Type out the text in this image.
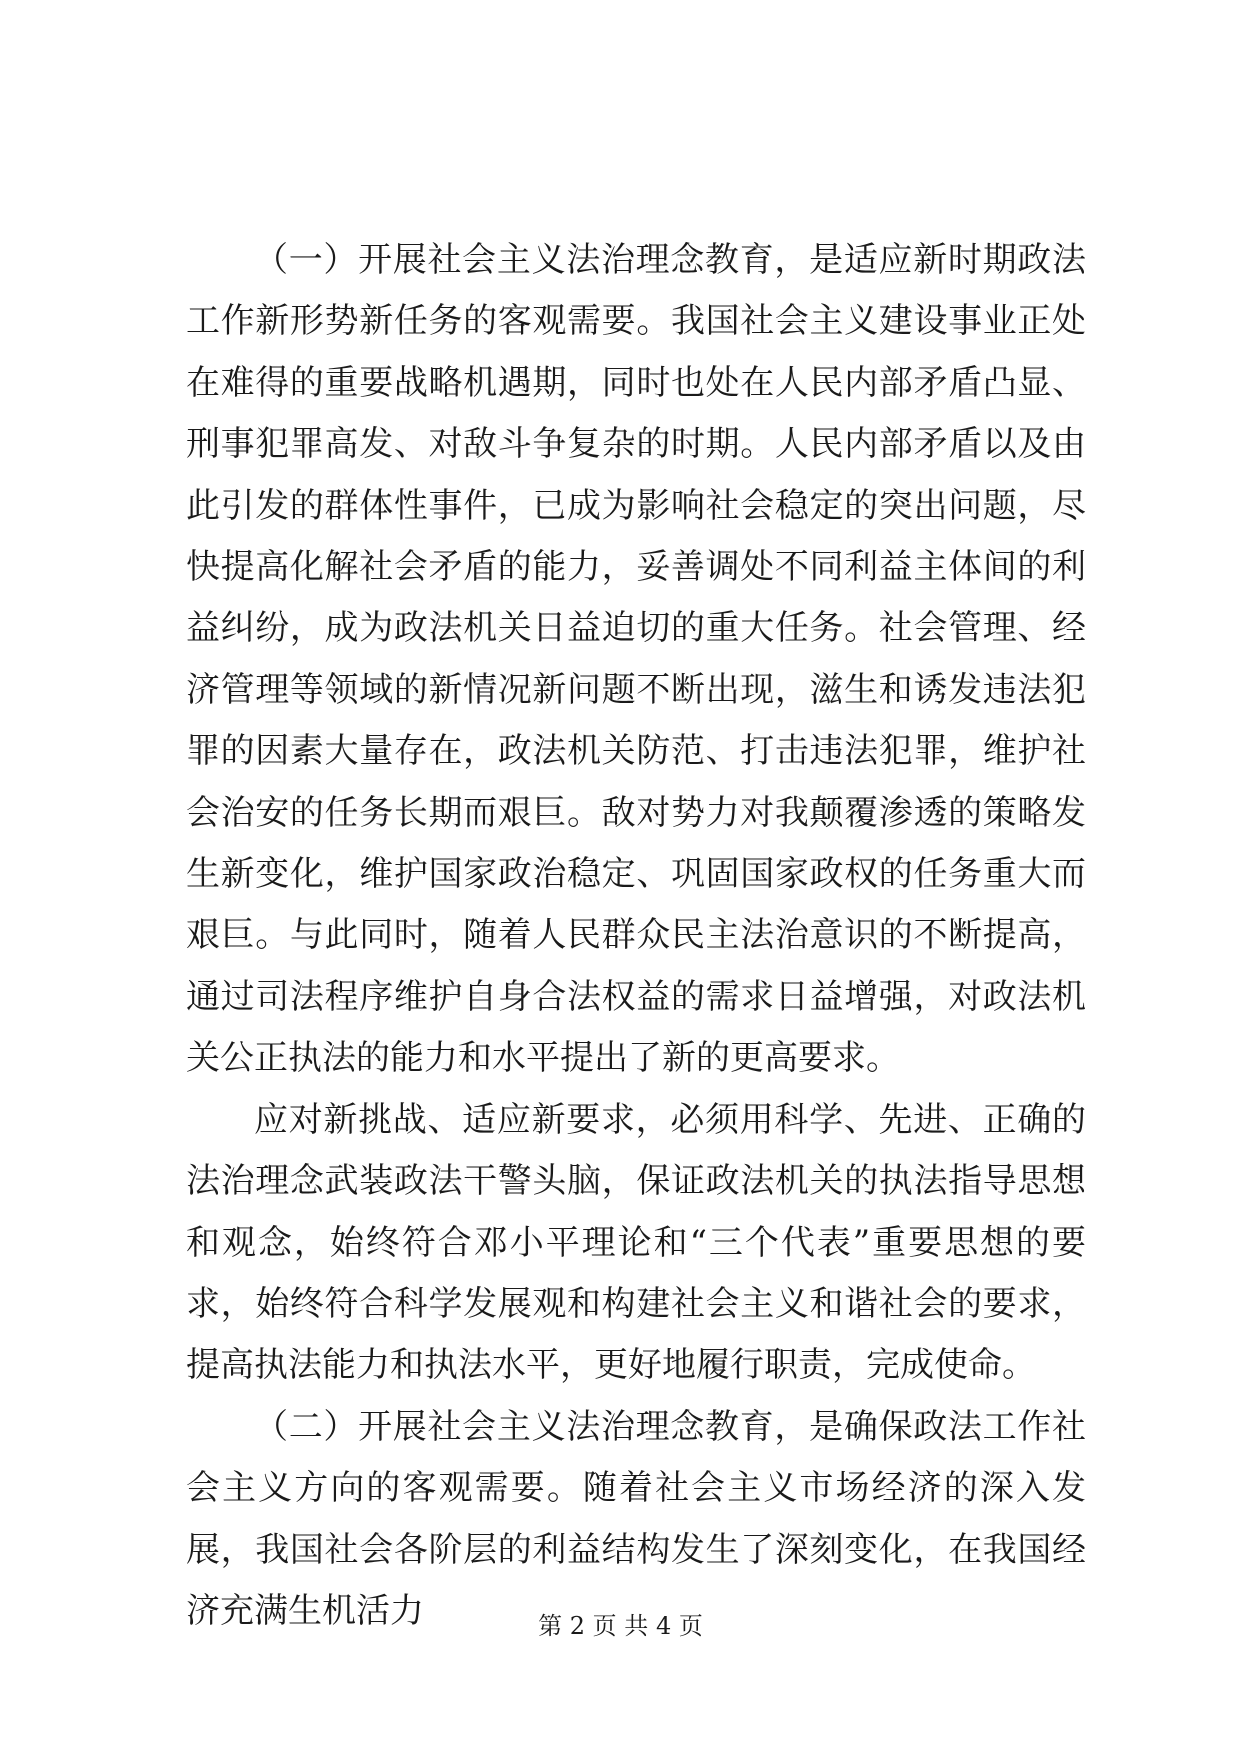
（一）开展社会主义法治理念教育，是适应新时期政法工作新形势新任务的客观需要。我国社会主义建设事业正处在难得的重要战略机遇期，同时也处在人民内部矛盾凸显、刑事犯罪高发、对敌斗争复杂的时期。人民内部矛盾以及由此引发的群体性事件，已成为影响社会稳定的突出问题，尽快提高化解社会矛盾的能力，妥善调处不同利益主体间的利益纠纷，成为政法机关日益迫切的重大任务。社会管理、经济管理等领域的新情况新问题不断出现，滋生和诱发违法犯罪的因素大量存在，政法机关防范、打击违法犯罪，维护社会治安的任务长期而艰巨。敌对势力对我颠覆渗透的策略发生新变化，维护国家政治稳定、巩固国家政权的任务重大而艰巨。与此同时，随着人民群众民主法治意识的不断提高，通过司法程序维护自身合法权益的需求日益增强，对政法机关公正执法的能力和水平提出了新的更高要求。

应对新挑战、适应新要求，必须用科学、先进、正确的法治理念武装政法干警头脑，保证政法机关的执法指导思想和观念，始终符合邓小平理论和“三个代表”重要思想的要求，始终符合科学发展观和构建社会主义和谐社会的要求，提高执法能力和执法水平，更好地履行职责，完成使命。

（二）开展社会主义法治理念教育，是确保政法工作社会主义方向的客观需要。随着社会主义市场经济的深入发展，我国社会各阶层的利益结构发生了深刻变化，在我国经济充满生机活力	第 2 页 共 4 页
